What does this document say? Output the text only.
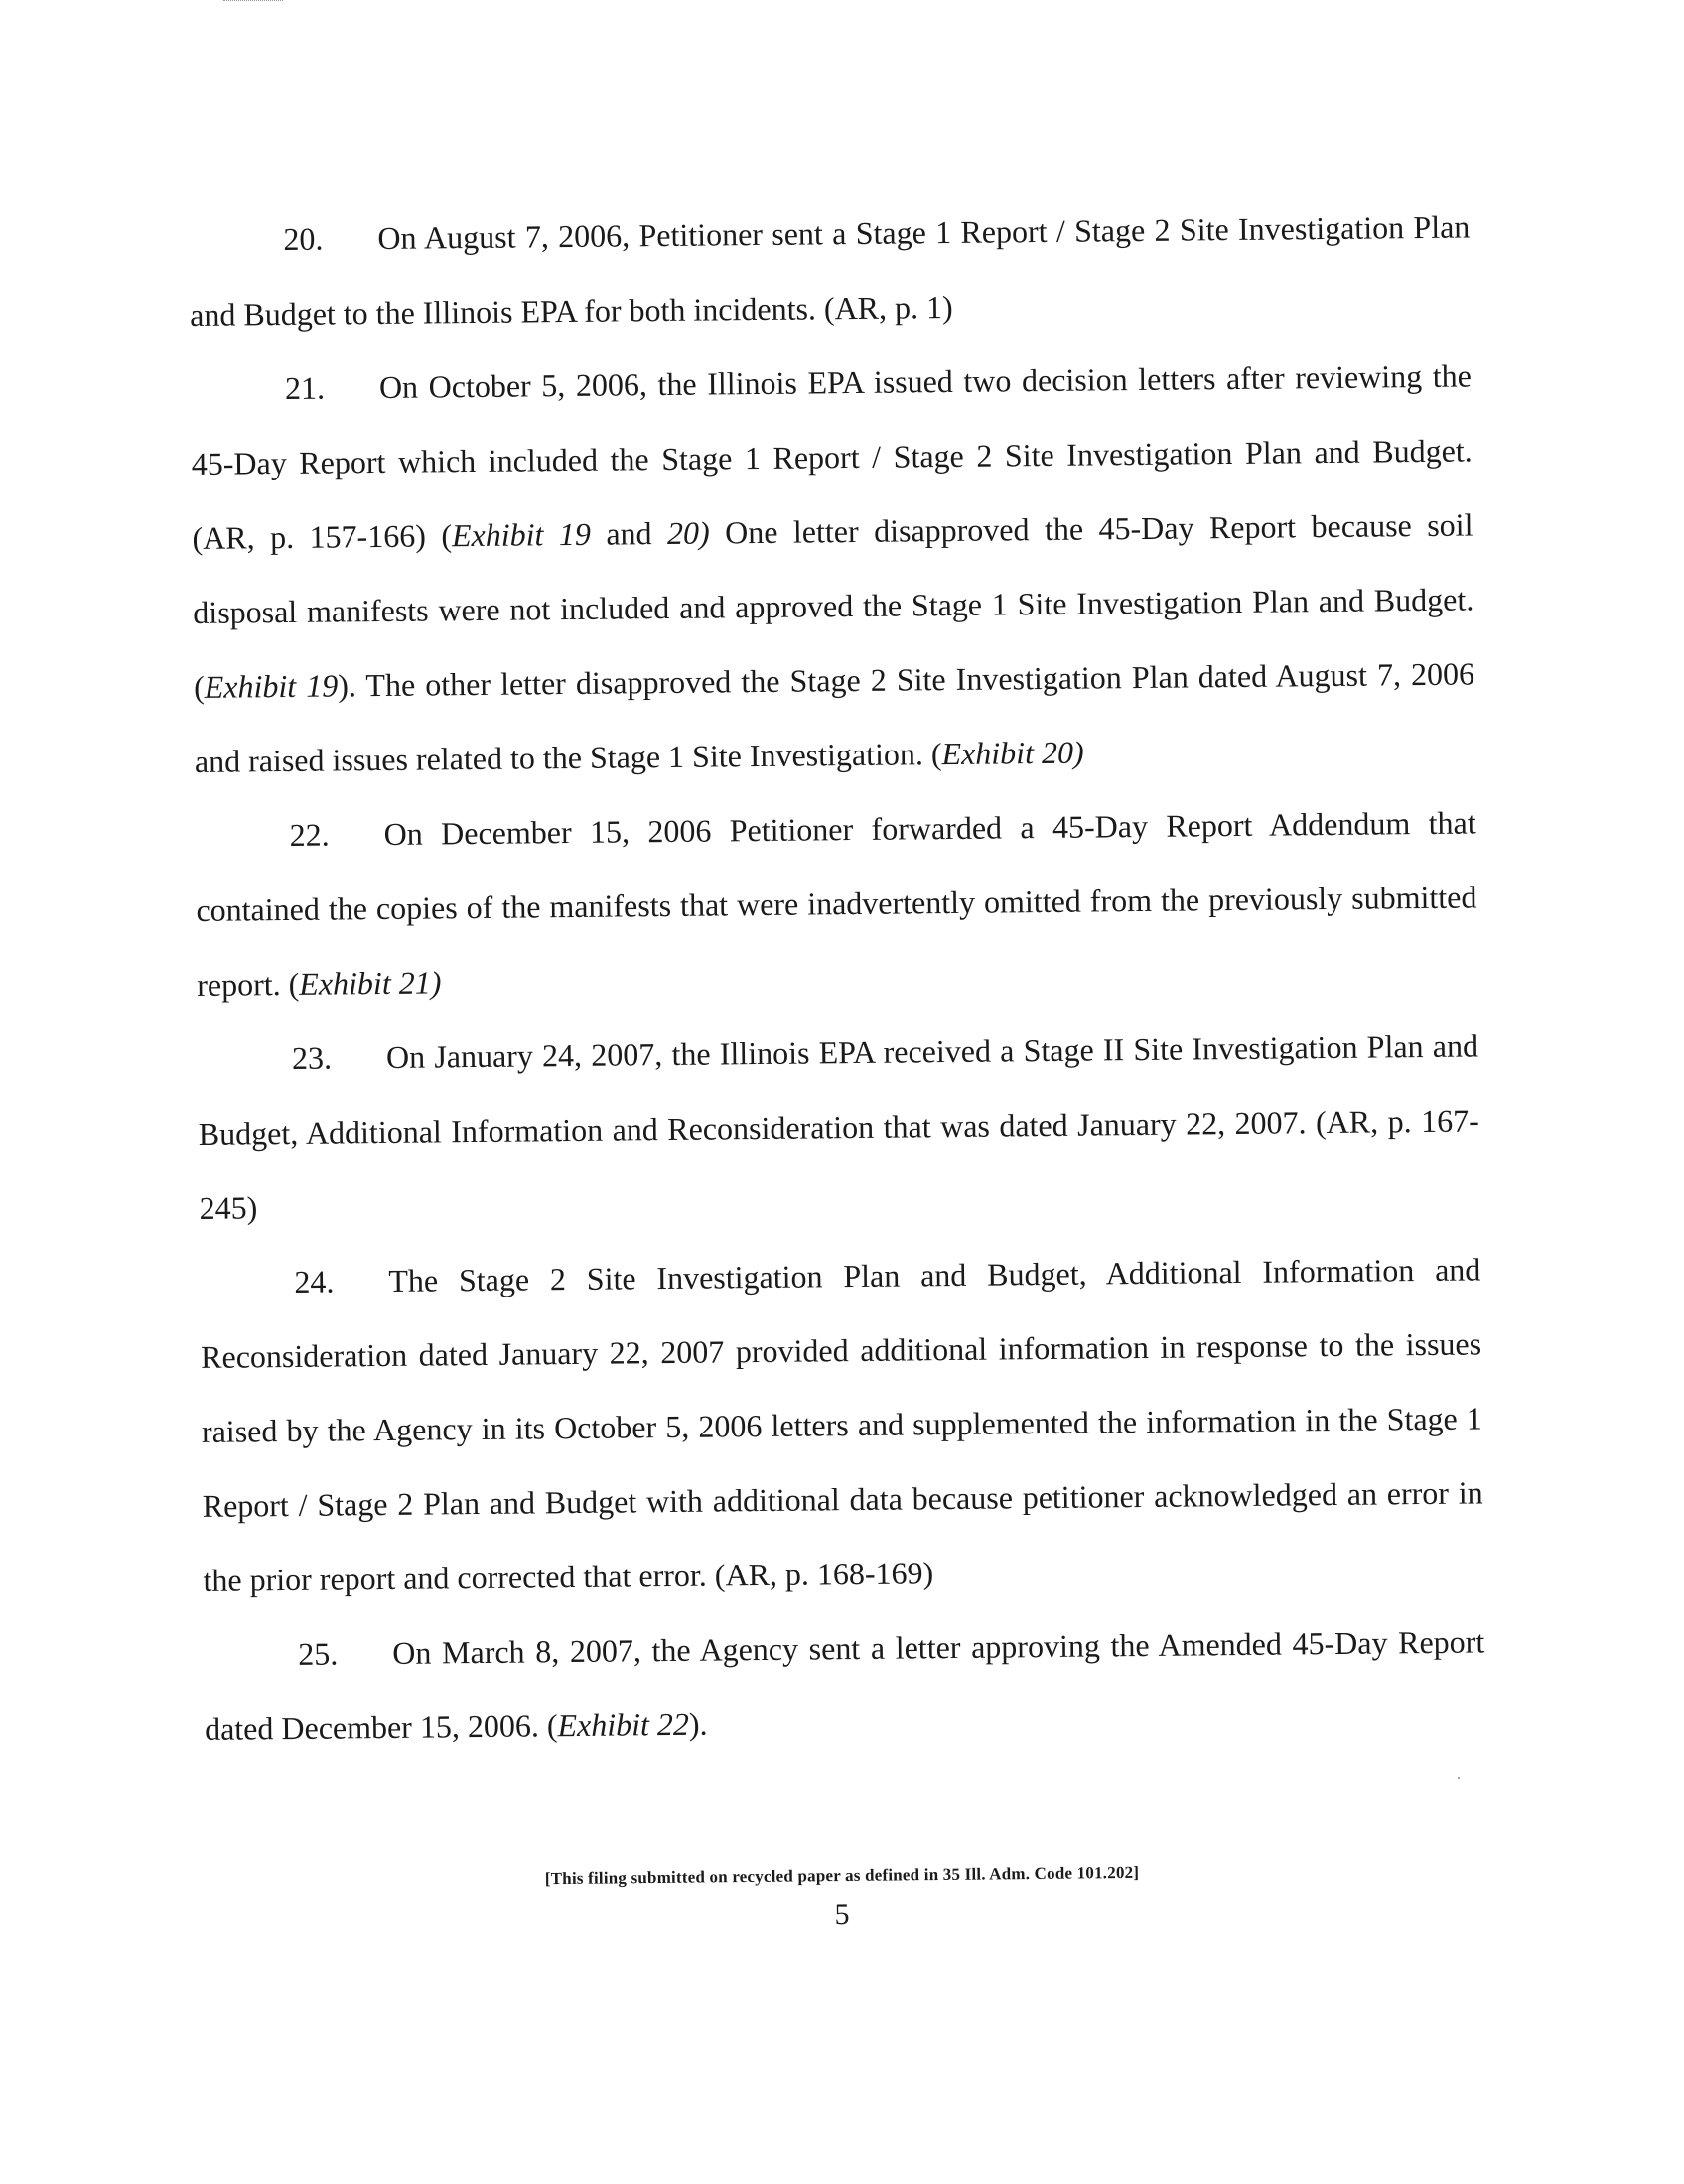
20. On August 7, 2006, Petitioner sent a Stage 1 Report / Stage 2 Site Investigation Plan and Budget to the Illinois EPA for both incidents. (AR, p. 1)

21. On October 5, 2006, the Illinois EPA issued two decision letters after reviewing the 45-Day Report which included the Stage 1 Report / Stage 2 Site Investigation Plan and Budget. (AR, p. 157-166) (Exhibit 19 and 20) One letter disapproved the 45-Day Report because soil disposal manifests were not included and approved the Stage 1 Site Investigation Plan and Budget. (Exhibit 19). The other letter disapproved the Stage 2 Site Investigation Plan dated August 7, 2006 and raised issues related to the Stage 1 Site Investigation. (Exhibit 20)

22. On December 15, 2006 Petitioner forwarded a 45-Day Report Addendum that contained the copies of the manifests that were inadvertently omitted from the previously submitted report. (Exhibit 21)

23. On January 24, 2007, the Illinois EPA received a Stage II Site Investigation Plan and Budget, Additional Information and Reconsideration that was dated January 22, 2007. (AR, p. 167-245)

24. The Stage 2 Site Investigation Plan and Budget, Additional Information and Reconsideration dated January 22, 2007 provided additional information in response to the issues raised by the Agency in its October 5, 2006 letters and supplemented the information in the Stage 1 Report / Stage 2 Plan and Budget with additional data because petitioner acknowledged an error in the prior report and corrected that error. (AR, p. 168-169)

25. On March 8, 2007, the Agency sent a letter approving the Amended 45-Day Report dated December 15, 2006. (Exhibit 22).

[This filing submitted on recycled paper as defined in 35 Ill. Adm. Code 101.202]
5
